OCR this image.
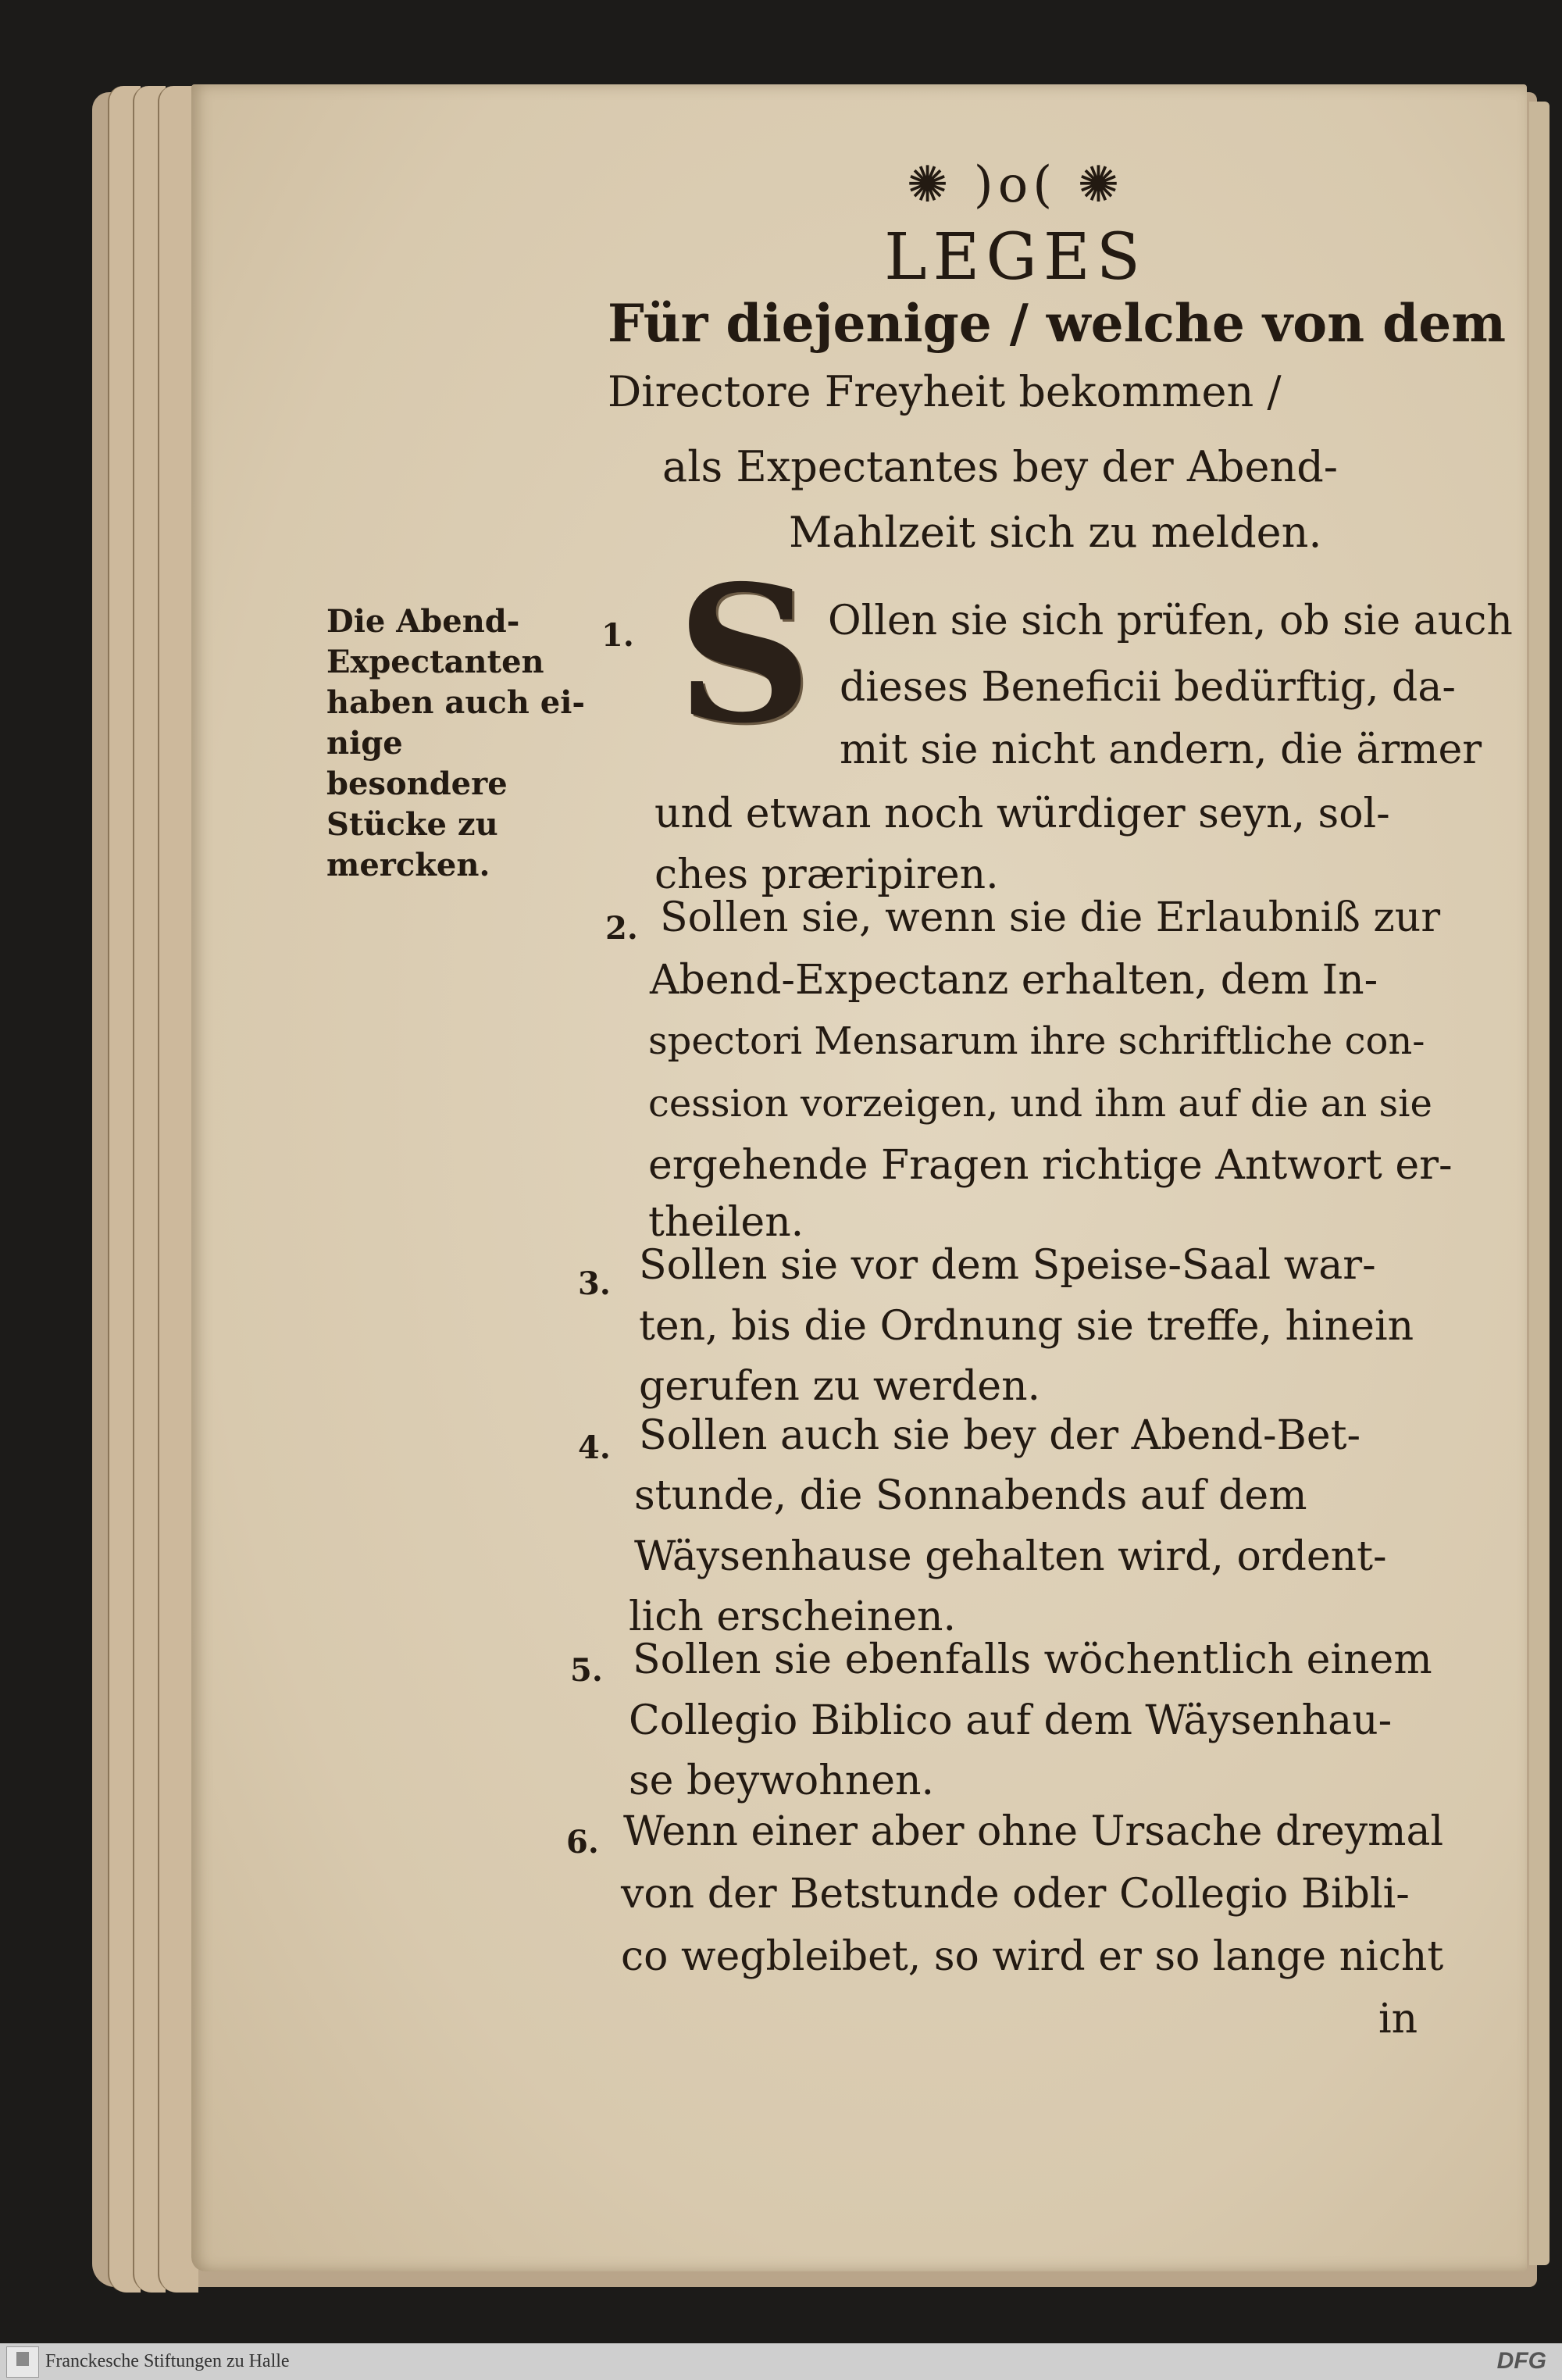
✺ )o( ✺
LEGES
Für diejenige / welche von dem
Directore Freyheit bekommen /
als Expectantes bey der Abend-
Mahlzeit sich zu melden.
Die Abend-
Expectanten
haben auch ei-
nige besondere
Stücke zu
mercken.
S
1.	Ollen sie sich prüfen, ob sie auch
dieses Beneficii bedürftig, da-
mit sie nicht andern, die ärmer
und etwan noch würdiger seyn, sol-
ches præripiren.
2. Sollen sie, wenn sie die Erlaubniß zur
Abend-Expectanz erhalten, dem In-
spectori Mensarum ihre schriftliche con-
cession vorzeigen, und ihm auf die an sie
ergehende Fragen richtige Antwort er-
theilen.
3. Sollen sie vor dem Speise-Saal war-
ten, bis die Ordnung sie treffe, hinein
gerufen zu werden.
4. Sollen auch sie bey der Abend-Bet-
stunde, die Sonnabends auf dem
Wäysenhause gehalten wird, ordent-
lich erscheinen.
5. Sollen sie ebenfalls wöchentlich einem
Collegio Biblico auf dem Wäysenhau-
se beywohnen.
6. Wenn einer aber ohne Ursache dreymal
von der Betstunde oder Collegio Bibli-
co wegbleibet, so wird er so lange nicht
in
Franckesche Stiftungen zu Halle	DFG
